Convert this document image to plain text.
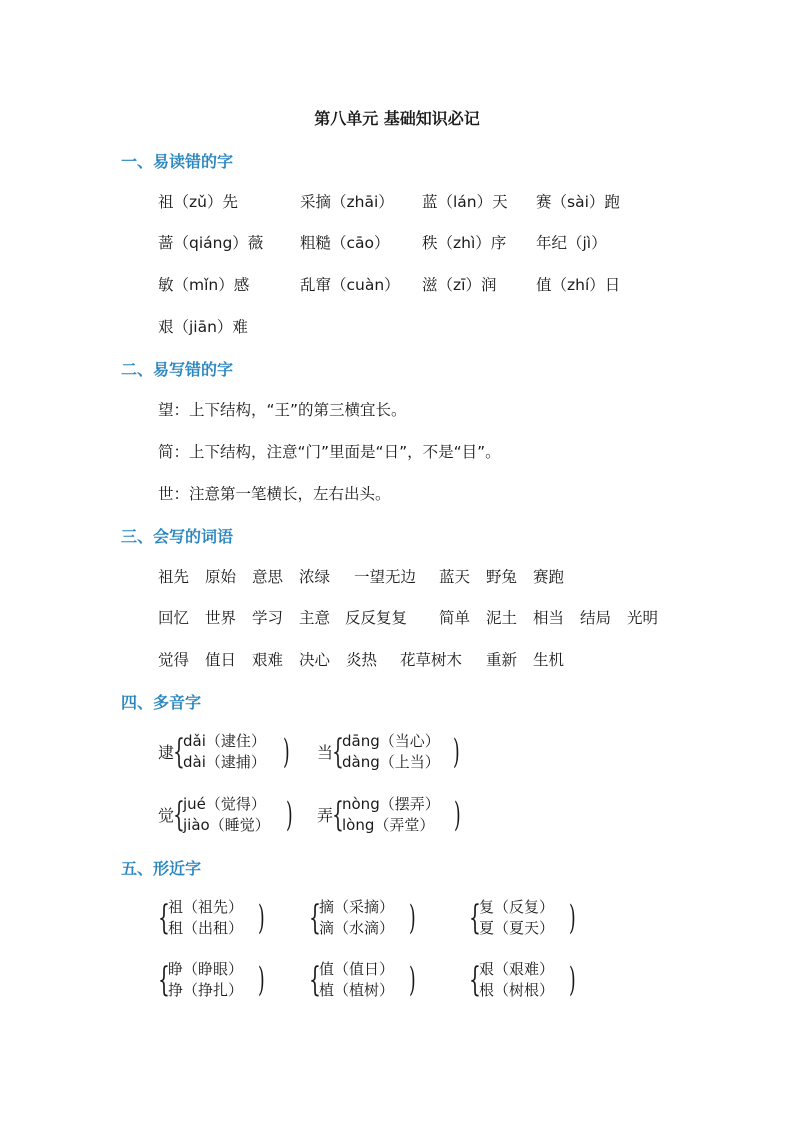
第八单元 基础知识必记
一、易读错的字
祖（zǔ）先	采摘（zhāi） 蓝（lán）天 赛（sài）跑
蔷（qiáng）薇 粗糙（cāo） 秩（zhì）序 年纪（jì）
敏（mǐn）感	乱窜（cuàn） 滋（zī）润	值（zhí）日
艰（jiān）难
二、易写错的字
望：上下结构，“王”的第三横宜长。
简：上下结构，注意“门”里面是“日”，不是“目”。
世：注意第一笔横长，左右出头。
三、会写的词语
祖先 原始 意思 浓绿 一望无边 蓝天 野兔 赛跑
回忆 世界 学习 主意 反反复复 简单 泥土 相当 结局 光明
觉得 值日 艰难 决心 炎热 花草树木 重新 生机
四、多音字
逮
{
dǎi（逮住）
dài（逮捕） ) 当
{
dāng（当心）
dàng（上当） )
觉
{
jué（觉得）
jiào（睡觉） ) 弄
{
nòng（摆弄）
lòng（弄堂） )
五、形近字
{
祖（祖先）
租（出租） ) {
摘（采摘）
滴（水滴） ) {
复（反复）
夏（夏天） )
{
睁（睁眼）
挣（挣扎） ) {
值（值日）
植（植树） ) {
艰（艰难）
根（树根） )
